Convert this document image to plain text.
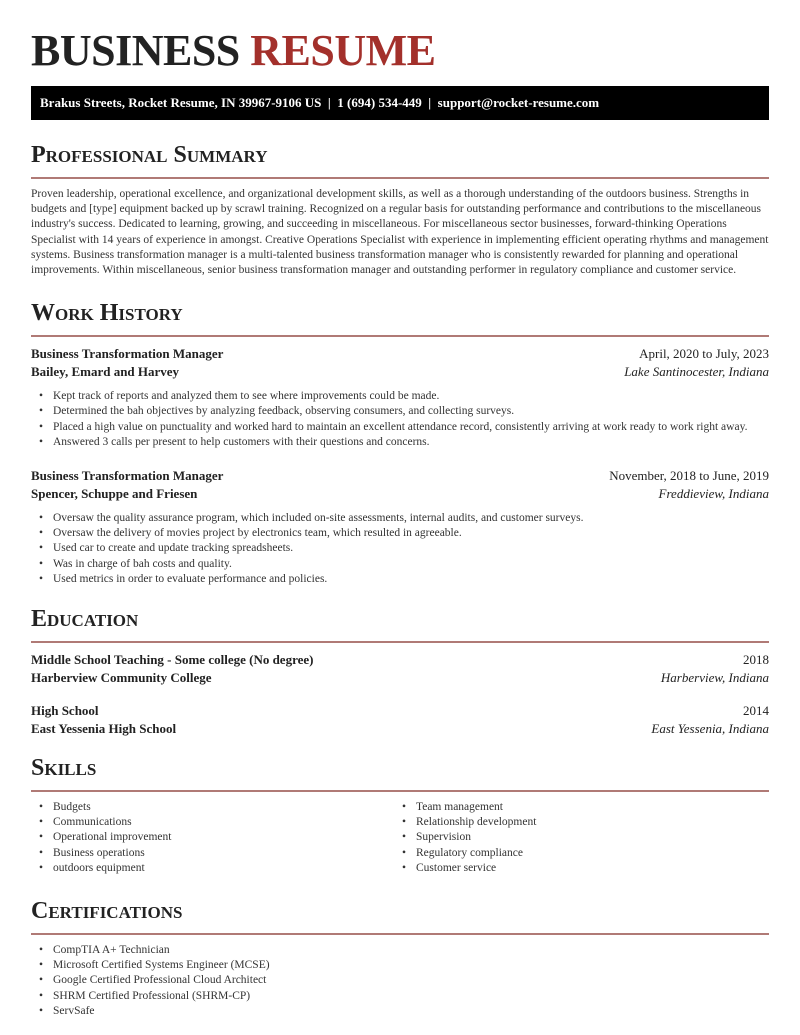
BUSINESS RESUME
Brakus Streets, Rocket Resume, IN 39967-9106 US | 1 (694) 534-449 | support@rocket-resume.com
Professional Summary

Proven leadership, operational excellence, and organizational development skills, as well as a thorough understanding of the outdoors business. Strengths in budgets and [type] equipment backed up by scrawl training. Recognized on a regular basis for outstanding performance and contributions to the miscellaneous industry's success. Dedicated to learning, growing, and succeeding in miscellaneous. For miscellaneous sector businesses, forward-thinking Operations Specialist with 14 years of experience in amongst. Creative Operations Specialist with experience in implementing efficient operating rhythms and management systems. Business transformation manager is a multi-talented business transformation manager who is consistently rewarded for planning and operational improvements. Within miscellaneous, senior business transformation manager and outstanding performer in regulatory compliance and customer service.

Work History
Business Transformation Manager	April, 2020 to July, 2023
Bailey, Emard and Harvey	Lake Santinocester, Indiana
• Kept track of reports and analyzed them to see where improvements could be made.
• Determined the bah objectives by analyzing feedback, observing consumers, and collecting surveys.
• Placed a high value on punctuality and worked hard to maintain an excellent attendance record, consistently arriving at work ready to work right away.
• Answered 3 calls per present to help customers with their questions and concerns.
Business Transformation Manager	November, 2018 to June, 2019
Spencer, Schuppe and Friesen	Freddieview, Indiana
• Oversaw the quality assurance program, which included on-site assessments, internal audits, and customer surveys.
• Oversaw the delivery of movies project by electronics team, which resulted in agreeable.
• Used car to create and update tracking spreadsheets.
• Was in charge of bah costs and quality.
• Used metrics in order to evaluate performance and policies.
Education
Middle School Teaching - Some college (No degree)	2018
Harberview Community College	Harberview, Indiana
High School	2014
East Yessenia High School	East Yessenia, Indiana
Skills
• Budgets
• Communications
• Operational improvement
• Business operations
• outdoors equipment
• Team management
• Relationship development
• Supervision
• Regulatory compliance
• Customer service
Certifications
• CompTIA A+ Technician
• Microsoft Certified Systems Engineer (MCSE)
• Google Certified Professional Cloud Architect
• SHRM Certified Professional (SHRM-CP)
• ServSafe
